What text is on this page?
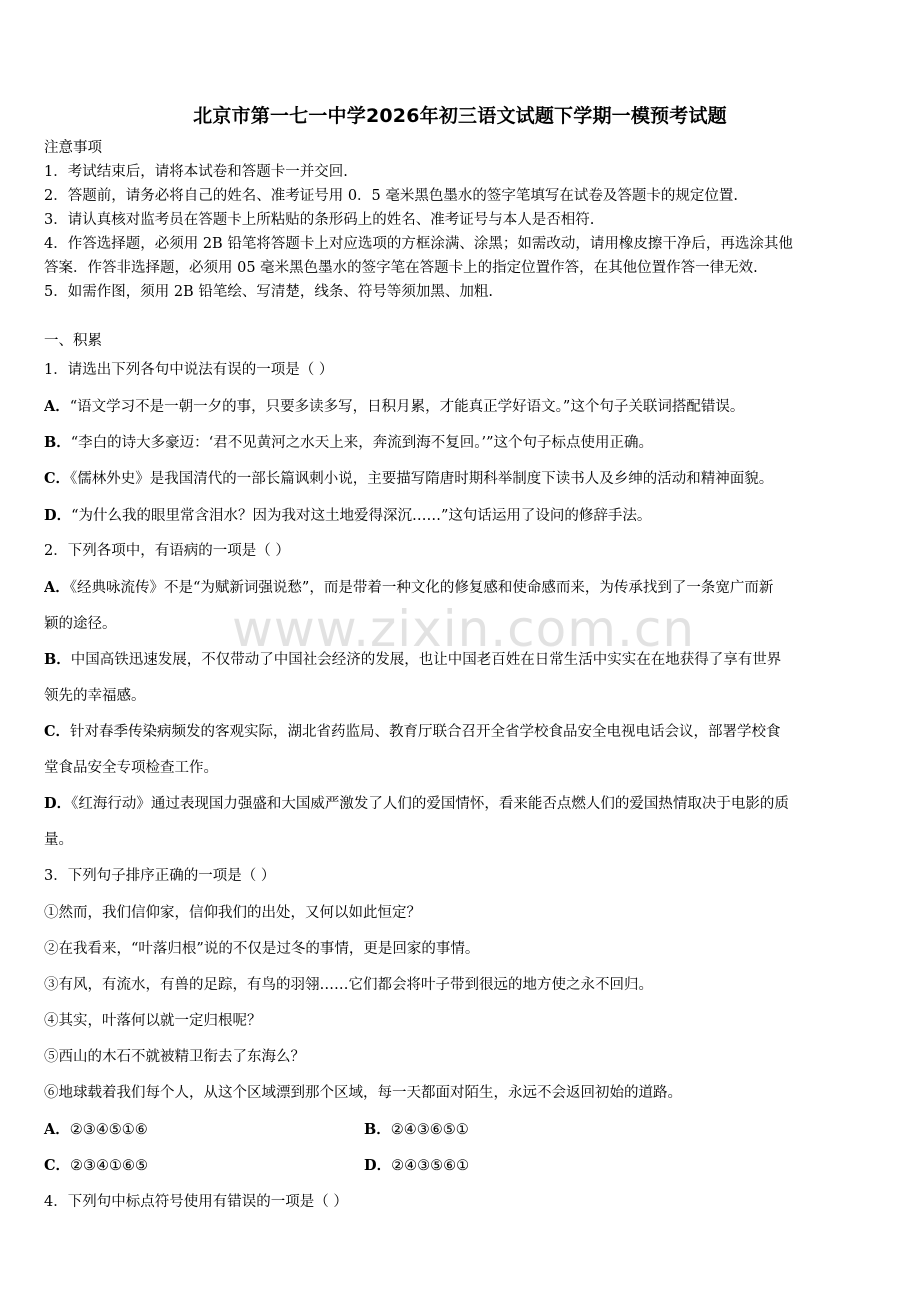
www.zixin.com.cn
北京市第一七一中学2026年初三语文试题下学期一模预考试题
注意事项
1．考试结束后，请将本试卷和答题卡一并交回.
2．答题前，请务必将自己的姓名、准考证号用 0．5 毫米黑色墨水的签字笔填写在试卷及答题卡的规定位置.
3．请认真核对监考员在答题卡上所粘贴的条形码上的姓名、准考证号与本人是否相符.
4．作答选择题，必须用 2B 铅笔将答题卡上对应选项的方框涂满、涂黑；如需改动，请用橡皮擦干净后，再选涂其他
答案．作答非选择题，必须用 05 毫米黑色墨水的签字笔在答题卡上的指定位置作答，在其他位置作答一律无效.
5．如需作图，须用 2B 铅笔绘、写清楚，线条、符号等须加黑、加粗.
一、积累
1．请选出下列各句中说法有误的一项是（ ）
A．“语文学习不是一朝一夕的事，只要多读多写，日积月累，才能真正学好语文。”这个句子关联词搭配错误。
B．“李白的诗大多豪迈：‘君不见黄河之水天上来，奔流到海不复回。’”这个句子标点使用正确。
C．《儒林外史》是我国清代的一部长篇讽刺小说，主要描写隋唐时期科举制度下读书人及乡绅的活动和精神面貌。
D．“为什么我的眼里常含泪水？因为我对这土地爱得深沉……”这句话运用了设问的修辞手法。
2．下列各项中，有语病的一项是（ ）
A．《经典咏流传》不是“为赋新词强说愁”，而是带着一种文化的修复感和使命感而来，为传承找到了一条宽广而新
颖的途径。
B．中国高铁迅速发展，不仅带动了中国社会经济的发展，也让中国老百姓在日常生活中实实在在地获得了享有世界
领先的幸福感。
C．针对春季传染病频发的客观实际，湖北省药监局、教育厅联合召开全省学校食品安全电视电话会议，部署学校食
堂食品安全专项检查工作。
D．《红海行动》通过表现国力强盛和大国威严激发了人们的爱国情怀，看来能否点燃人们的爱国热情取决于电影的质
量。
3．下列句子排序正确的一项是（ ）
①然而，我们信仰家，信仰我们的出处，又何以如此恒定？
②在我看来，“叶落归根”说的不仅是过冬的事情，更是回家的事情。
③有风，有流水，有兽的足踪，有鸟的羽翎……它们都会将叶子带到很远的地方使之永不回归。
④其实，叶落何以就一定归根呢？
⑤西山的木石不就被精卫衔去了东海么？
⑥地球载着我们每个人，从这个区域漂到那个区域，每一天都面对陌生，永远不会返回初始的道路。
A．②③④⑤①⑥	B．②④③⑥⑤①
C．②③④①⑥⑤	D．②④③⑤⑥①
4．下列句中标点符号使用有错误的一项是（ ）
